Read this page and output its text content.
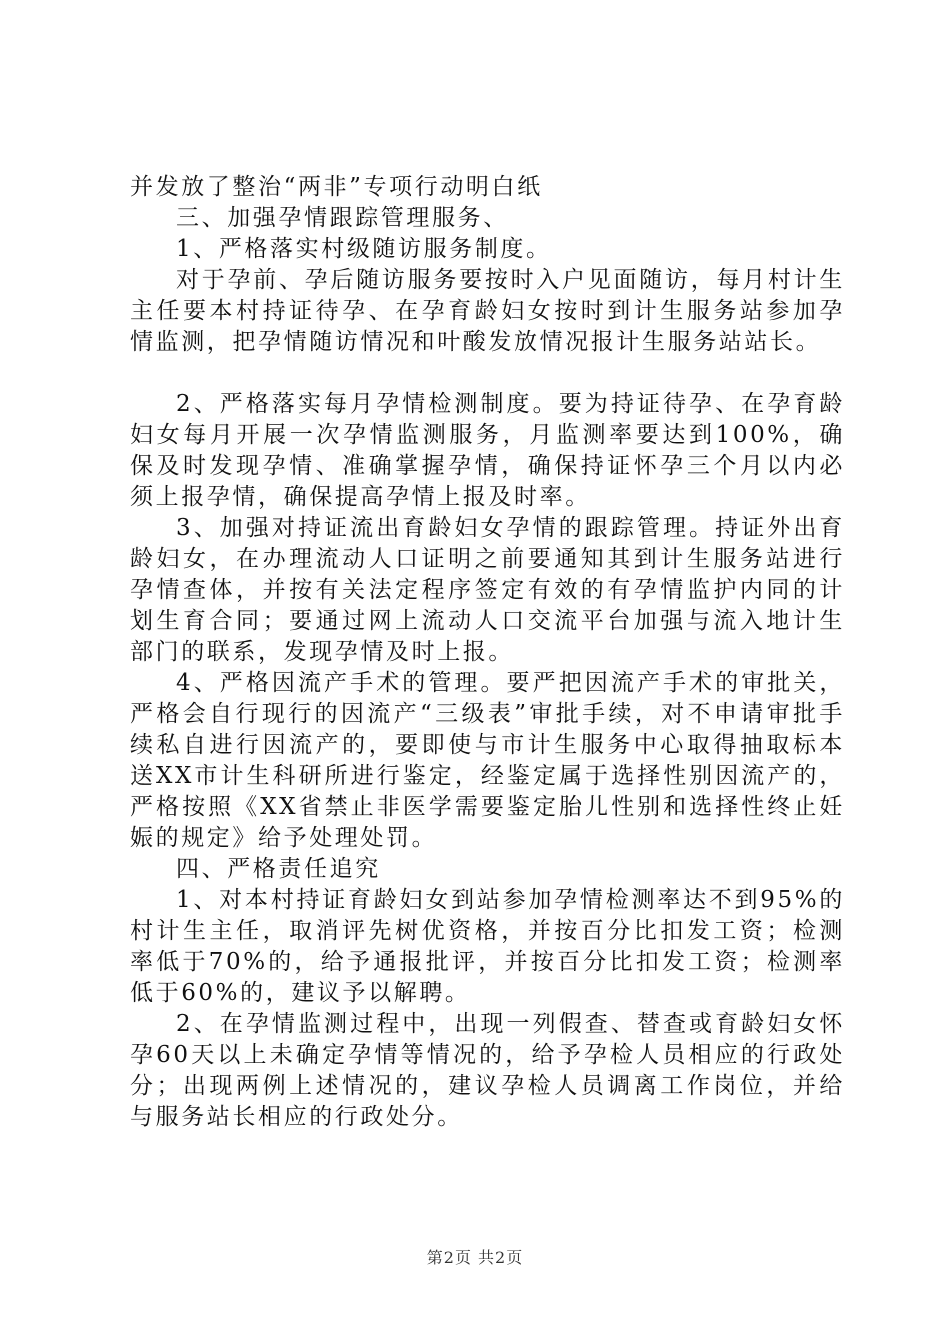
并发放了整治“两非”专项行动明白纸

三、加强孕情跟踪管理服务、

1、严格落实村级随访服务制度。

对于孕前、孕后随访服务要按时入户见面随访，每月村计生主任要本村持证待孕、在孕育龄妇女按时到计生服务站参加孕情监测，把孕情随访情况和叶酸发放情况报计生服务站站长。

2、严格落实每月孕情检测制度。要为持证待孕、在孕育龄妇女每月开展一次孕情监测服务，月监测率要达到100%，确保及时发现孕情、准确掌握孕情，确保持证怀孕三个月以内必须上报孕情，确保提高孕情上报及时率。

3、加强对持证流出育龄妇女孕情的跟踪管理。持证外出育龄妇女，在办理流动人口证明之前要通知其到计生服务站进行孕情查体，并按有关法定程序签定有效的有孕情监护内同的计划生育合同；要通过网上流动人口交流平台加强与流入地计生部门的联系，发现孕情及时上报。

4、严格因流产手术的管理。要严把因流产手术的审批关，严格会自行现行的因流产“三级表”审批手续，对不申请审批手续私自进行因流产的，要即使与市计生服务中心取得抽取标本送XX市计生科研所进行鉴定，经鉴定属于选择性别因流产的，严格按照《XX省禁止非医学需要鉴定胎儿性别和选择性终止妊娠的规定》给予处理处罚。

四、严格责任追究

1、对本村持证育龄妇女到站参加孕情检测率达不到95%的村计生主任，取消评先树优资格，并按百分比扣发工资；检测率低于70%的，给予通报批评，并按百分比扣发工资；检测率低于60%的，建议予以解聘。

2、在孕情监测过程中，出现一列假查、替查或育龄妇女怀孕60天以上未确定孕情等情况的，给予孕检人员相应的行政处分；出现两例上述情况的，建议孕检人员调离工作岗位，并给与服务站长相应的行政处分。

第2页 共2页
